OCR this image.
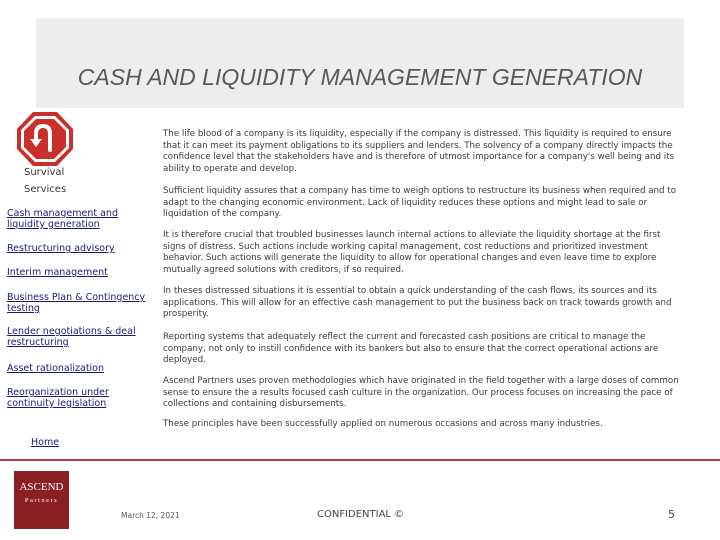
CASH AND LIQUIDITY MANAGEMENT GENERATION
Survival
Services
Cash management and liquidity generation
Restructuring advisory
Interim management
Business Plan & Contingency testing
Lender negotiations & deal restructuring
Asset rationalization
Reorganization under continuity legislation

The life blood of a company is its liquidity, especially if the company is distressed. This liquidity is required to ensure that it can meet its payment obligations to its suppliers and lenders. The solvency of a company directly impacts the confidence level that the stakeholders have and is therefore of utmost importance for a company's well being and its ability to operate and develop.

Sufficient liquidity assures that a company has time to weigh options to restructure its business when required and to adapt to the changing economic environment. Lack of liquidity reduces these options and might lead to sale or liquidation of the company.

It is therefore crucial that troubled businesses launch internal actions to alleviate the liquidity shortage at the first signs of distress. Such actions include working capital management, cost reductions and prioritized investment behavior. Such actions will generate the liquidity to allow for operational changes and even leave time to explore mutually agreed solutions with creditors, if so required.

In theses distressed situations it is essential to obtain a quick understanding of the cash flows, its sources and its applications. This will allow for an effective cash management to put the business back on track towards growth and prosperity.

Reporting systems that adequately reflect the current and forecasted cash positions are critical to manage the company, not only to instill confidence with its bankers but also to ensure that the correct operational actions are deployed.

Ascend Partners uses proven methodologies which have originated in the field together with a large doses of common sense to ensure the a results focused cash culture in the organization. Our process focuses on increasing the pace of collections and containing disbursements.

These principles have been successfully applied on numerous occasions and across many industries.

Home
ASCEND
Partners
March 12, 2021	CONFIDENTIAL ©	5
